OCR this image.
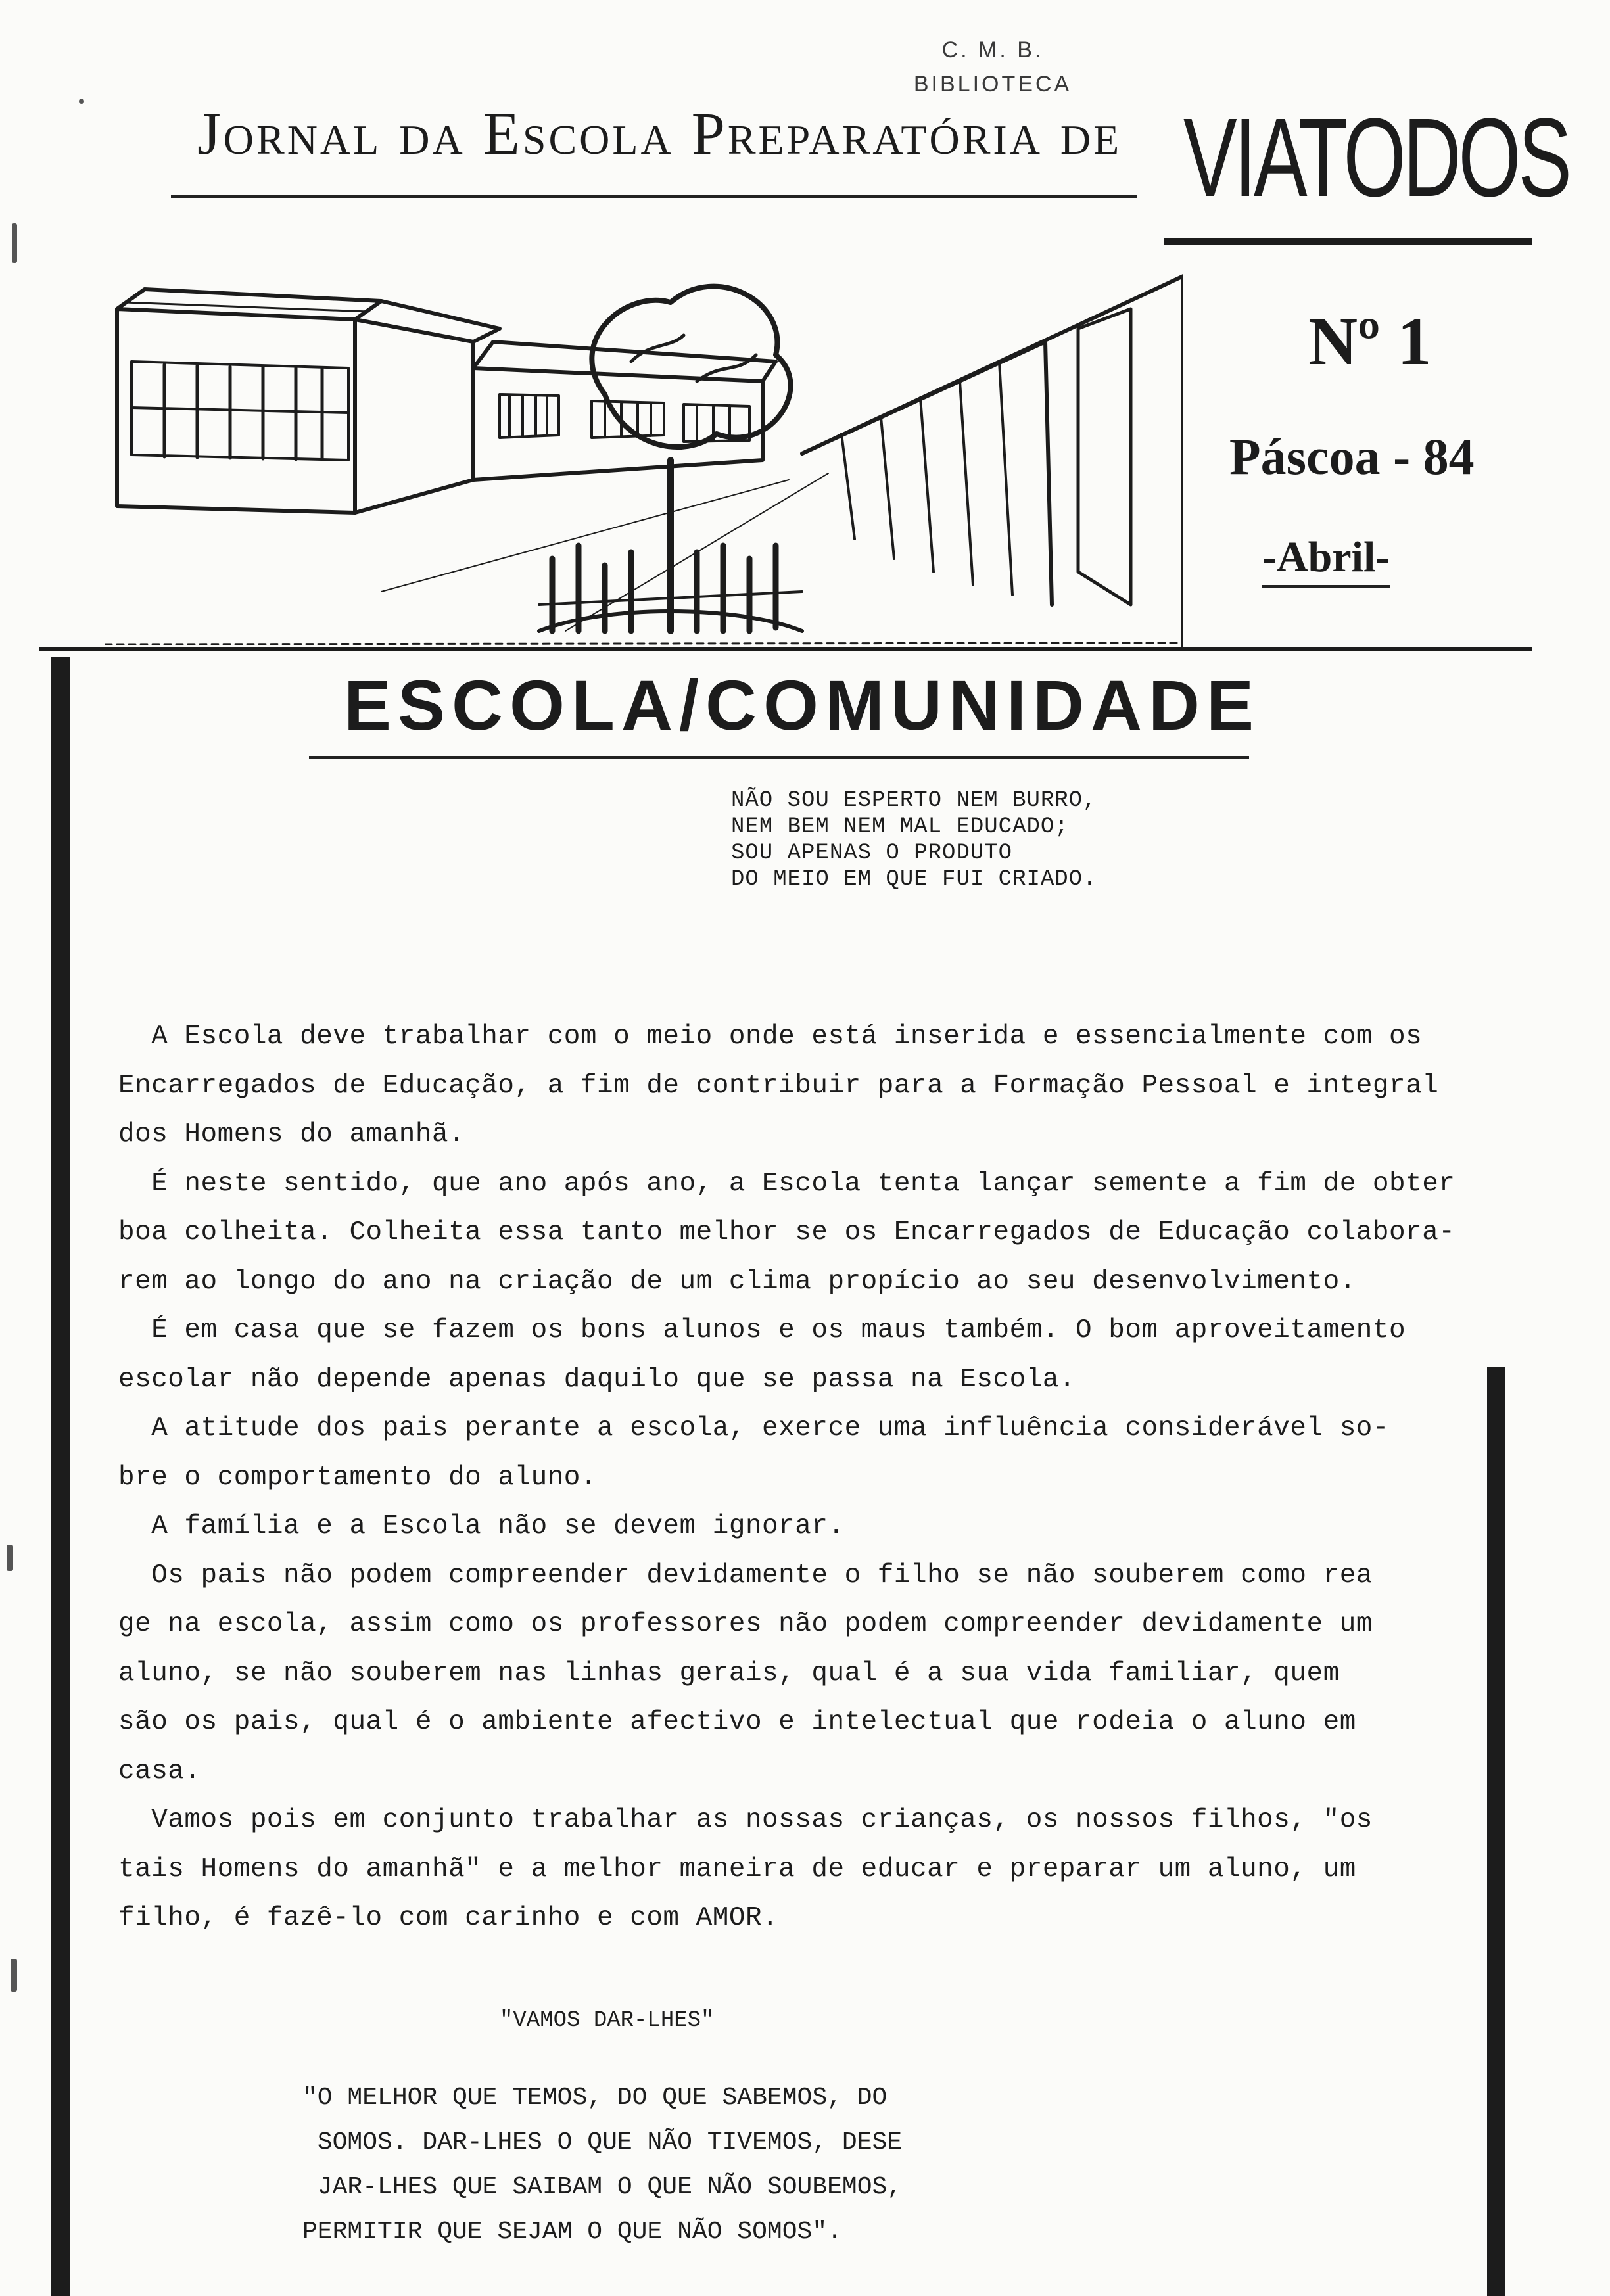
C. M. B.
BIBLIOTECA
Jornal da Escola Preparatória de VIATODOS
Nº 1
Páscoa - 84
-Abril-
ESCOLA/COMUNIDADE
NÃO SOU ESPERTO NEM BURRO,
NEM BEM NEM MAL EDUCADO;
SOU APENAS O PRODUTO
DO MEIO EM QUE FUI CRIADO.
A Escola deve trabalhar com o meio onde está inserida e essencialmente com os
Encarregados de Educação, a fim de contribuir para a Formação Pessoal e integral
dos Homens do amanhã.
É neste sentido, que ano após ano, a Escola tenta lançar semente a fim de obter
boa colheita. Colheita essa tanto melhor se os Encarregados de Educação colabora-
rem ao longo do ano na criação de um clima propício ao seu desenvolvimento.
É em casa que se fazem os bons alunos e os maus também. O bom aproveitamento
escolar não depende apenas daquilo que se passa na Escola.
A atitude dos pais perante a escola, exerce uma influência considerável so-
bre o comportamento do aluno.
A família e a Escola não se devem ignorar.
Os pais não podem compreender devidamente o filho se não souberem como rea
ge na escola, assim como os professores não podem compreender devidamente um
aluno, se não souberem nas linhas gerais, qual é a sua vida familiar, quem
são os pais, qual é o ambiente afectivo e intelectual que rodeia o aluno em
casa.
Vamos pois em conjunto trabalhar as nossas crianças, os nossos filhos, "os
tais Homens do amanhã" e a melhor maneira de educar e preparar um aluno, um
filho, é fazê-lo com carinho e com AMOR.
"VAMOS DAR-LHES"
"O MELHOR QUE TEMOS, DO QUE SABEMOS, DO
SOMOS. DAR-LHES O QUE NÃO TIVEMOS, DESE
JAR-LHES QUE SAIBAM O QUE NÃO SOUBEMOS,
PERMITIR QUE SEJAM O QUE NÃO SOMOS".
